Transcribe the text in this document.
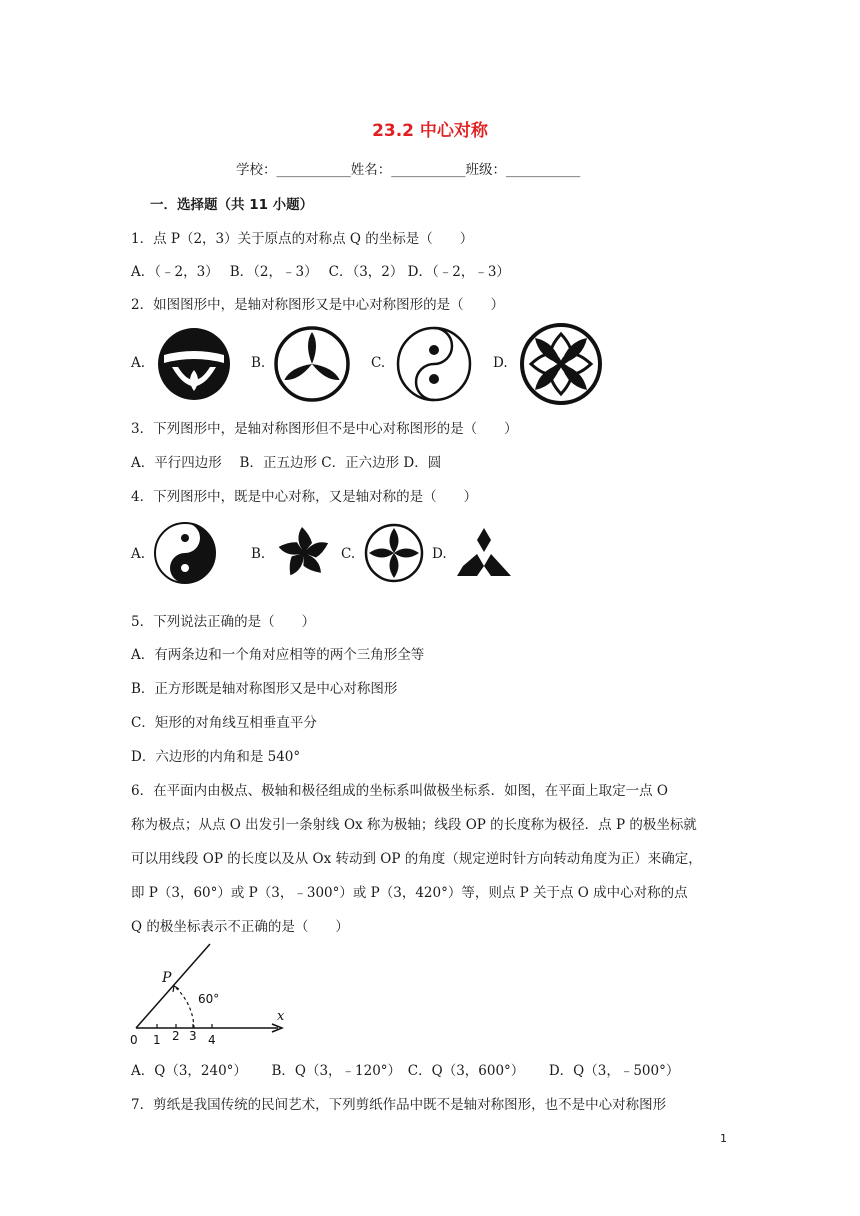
23.2 中心对称
学校：___________姓名：___________班级：___________
一．选择题（共 11 小题）
1．点 P（2，3）关于原点的对称点 Q 的坐标是（　　）
A．（﹣2，3）　 B．（2，﹣3）　 C．（3，2） D．（﹣2，﹣3）
2．如图图形中，是轴对称图形又是中心对称图形的是（　　）
A.	B.	C.	D.
3．下列图形中，是轴对称图形但不是中心对称图形的是（　　）
A．平行四边形　 B．正五边形 C．正六边形 D．圆
4．下列图形中，既是中心对称，又是轴对称的是（　　）
A.	B.	C.	D.
5．下列说法正确的是（　　）
A．有两条边和一个角对应相等的两个三角形全等
B．正方形既是轴对称图形又是中心对称图形
C．矩形的对角线互相垂直平分
D．六边形的内角和是 540°
6．在平面内由极点、极轴和极径组成的坐标系叫做极坐标系．如图，在平面上取定一点 O
称为极点；从点 O 出发引一条射线 Ox 称为极轴；线段 OP 的长度称为极径．点 P 的极坐标就
可以用线段 OP 的长度以及从 Ox 转动到 OP 的角度（规定逆时针方向转动角度为正）来确定，
即 P（3，60°）或 P（3，﹣300°）或 P（3，420°）等，则点 P 关于点 O 成中心对称的点
Q 的极坐标表示不正确的是（　　）
P
60°
x
0 1 2 3 4
A．Q（3，240°）　　 B．Q（3，﹣120°）　C．Q（3，600°）　　 D．Q（3，﹣500°）
7．剪纸是我国传统的民间艺术，下列剪纸作品中既不是轴对称图形，也不是中心对称图形
1
